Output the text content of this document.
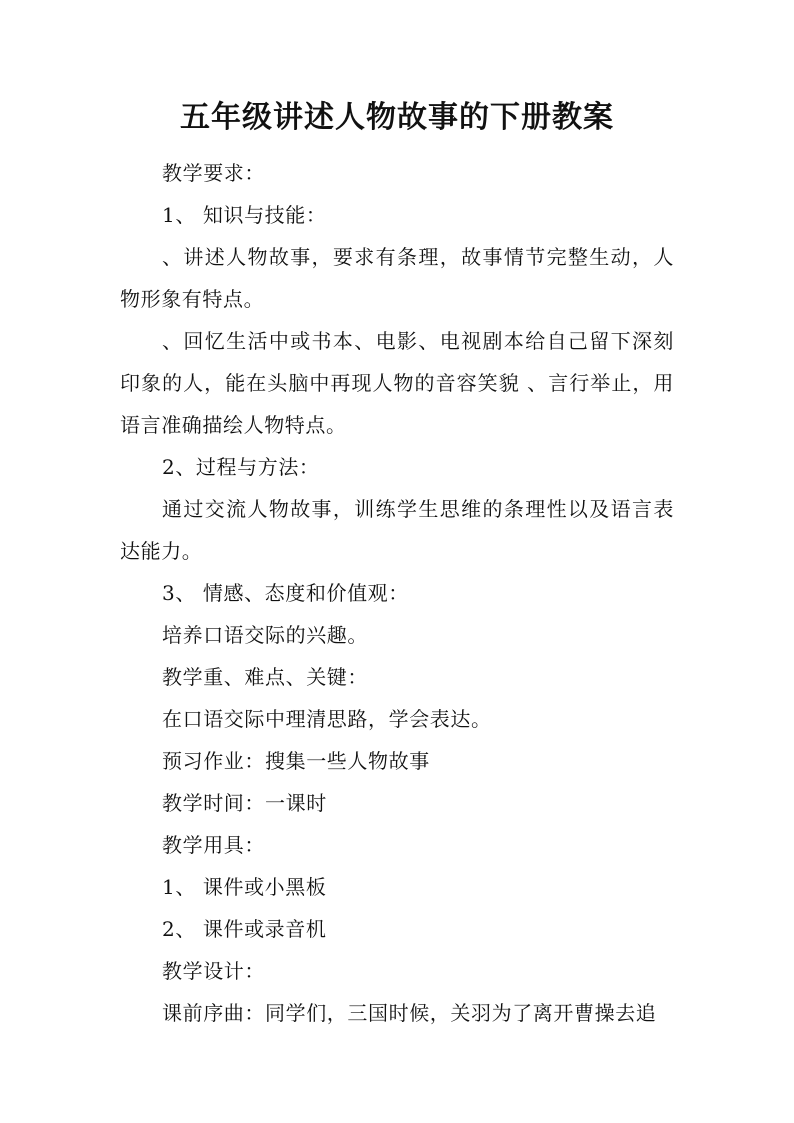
五年级讲述人物故事的下册教案

教学要求：

1、 知识与技能：

、讲述人物故事，要求有条理，故事情节完整生动，人物形象有特点。

、回忆生活中或书本、电影、电视剧本给自己留下深刻印象的人，能在头脑中再现人物的音容笑貌 、言行举止，用语言准确描绘人物特点。

2、过程与方法：

通过交流人物故事，训练学生思维的条理性以及语言表达能力。

3、 情感、态度和价值观：

培养口语交际的兴趣。

教学重、难点、关键：

在口语交际中理清思路，学会表达。

预习作业：搜集一些人物故事

教学时间：一课时

教学用具：

1、 课件或小黑板

2、 课件或录音机

教学设计：

课前序曲：同学们，三国时候，关羽为了离开曹操去追
